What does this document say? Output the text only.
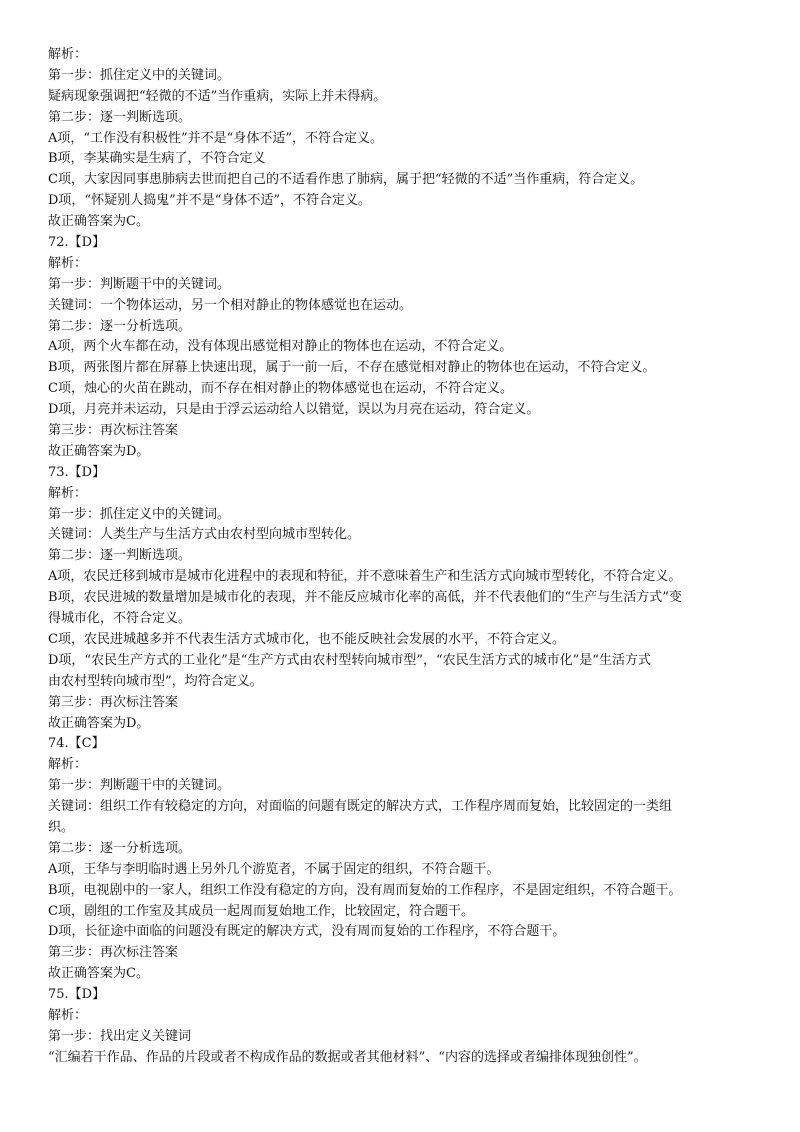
解析：
第一步：抓住定义中的关键词。
疑病现象强调把“轻微的不适”当作重病，实际上并未得病。
第二步：逐一判断选项。
A项，“工作没有积极性”并不是“身体不适”，不符合定义。
B项，李某确实是生病了，不符合定义
C项，大家因同事患肺病去世而把自己的不适看作患了肺病，属于把“轻微的不适”当作重病，符合定义。
D项，“怀疑别人捣鬼”并不是“身体不适”，不符合定义。
故正确答案为C。
72.【D】
解析：
第一步：判断题干中的关键词。
关键词：一个物体运动，另一个相对静止的物体感觉也在运动。
第二步：逐一分析选项。
A项，两个火车都在动，没有体现出感觉相对静止的物体也在运动，不符合定义。
B项，两张图片都在屏幕上快速出现，属于一前一后，不存在感觉相对静止的物体也在运动，不符合定义。
C项，烛心的火苗在跳动，而不存在相对静止的物体感觉也在运动，不符合定义。
D项，月亮并未运动，只是由于浮云运动给人以错觉，误以为月亮在运动，符合定义。
第三步：再次标注答案
故正确答案为D。
73.【D】
解析：
第一步：抓住定义中的关键词。
关键词：人类生产与生活方式由农村型向城市型转化。
第二步：逐一判断选项。
A项，农民迁移到城市是城市化进程中的表现和特征，并不意味着生产和生活方式向城市型转化，不符合定义。
B项，农民进城的数量增加是城市化的表现，并不能反应城市化率的高低，并不代表他们的“生产与生活方式”变
得城市化，不符合定义。
C项，农民进城越多并不代表生活方式城市化，也不能反映社会发展的水平，不符合定义。
D项，“农民生产方式的工业化”是“生产方式由农村型转向城市型”，“农民生活方式的城市化”是“生活方式
由农村型转向城市型”，均符合定义。
第三步：再次标注答案
故正确答案为D。
74.【C】
解析：
第一步：判断题干中的关键词。
关键词：组织工作有较稳定的方向，对面临的问题有既定的解决方式，工作程序周而复始，比较固定的一类组
织。
第二步：逐一分析选项。
A项，王华与李明临时遇上另外几个游览者，不属于固定的组织，不符合题干。
B项，电视剧中的一家人，组织工作没有稳定的方向，没有周而复始的工作程序，不是固定组织，不符合题干。
C项，剧组的工作室及其成员一起周而复始地工作，比较固定，符合题干。
D项，长征途中面临的问题没有既定的解决方式，没有周而复始的工作程序，不符合题干。
第三步：再次标注答案
故正确答案为C。
75.【D】
解析：
第一步：找出定义关键词
“汇编若干作品、作品的片段或者不构成作品的数据或者其他材料”、“内容的选择或者编排体现独创性”。
